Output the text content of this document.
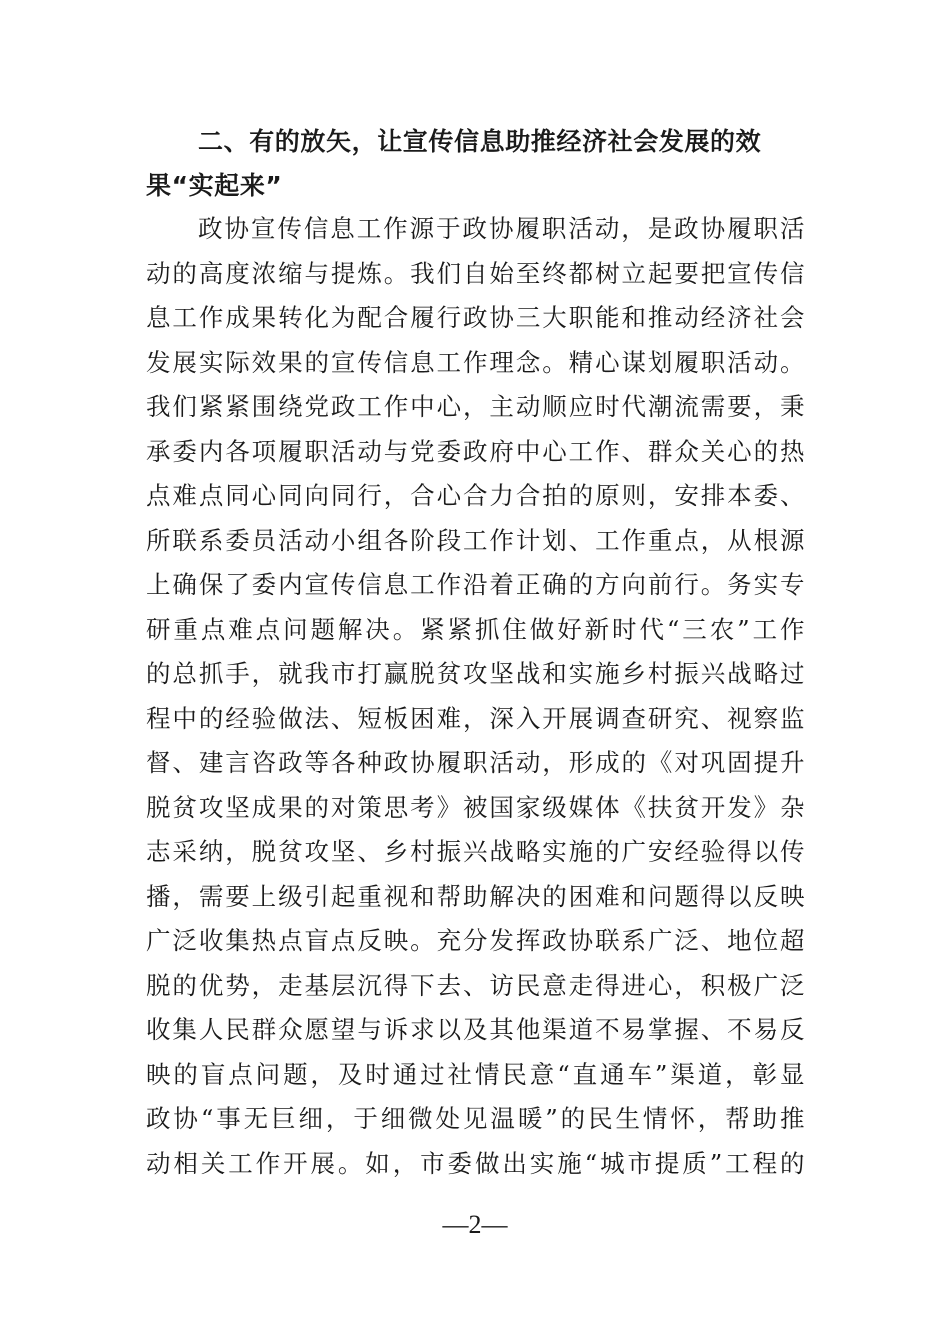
二、有的放矢，让宣传信息助推经济社会发展的效果“实起来”

政协宣传信息工作源于政协履职活动，是政协履职活
动的高度浓缩与提炼。我们自始至终都树立起要把宣传信
息工作成果转化为配合履行政协三大职能和推动经济社会
发展实际效果的宣传信息工作理念。精心谋划履职活动。
我们紧紧围绕党政工作中心，主动顺应时代潮流需要，秉
承委内各项履职活动与党委政府中心工作、群众关心的热
点难点同心同向同行，合心合力合拍的原则，安排本委、
所联系委员活动小组各阶段工作计划、工作重点，从根源
上确保了委内宣传信息工作沿着正确的方向前行。务实专
研重点难点问题解决。紧紧抓住做好新时代“三农”工作
的总抓手，就我市打赢脱贫攻坚战和实施乡村振兴战略过
程中的经验做法、短板困难，深入开展调查研究、视察监
督、建言咨政等各种政协履职活动，形成的《对巩固提升
脱贫攻坚成果的对策思考》被国家级媒体《扶贫开发》杂
志采纳，脱贫攻坚、乡村振兴战略实施的广安经验得以传
播，需要上级引起重视和帮助解决的困难和问题得以反映
广泛收集热点盲点反映。充分发挥政协联系广泛、地位超
脱的优势，走基层沉得下去、访民意走得进心，积极广泛
收集人民群众愿望与诉求以及其他渠道不易掌握、不易反
映的盲点问题，及时通过社情民意“直通车”渠道，彰显
政协“事无巨细，于细微处见温暖”的民生情怀，帮助推
动相关工作开展。如，市委做出实施“城市提质”工程的

—2—
